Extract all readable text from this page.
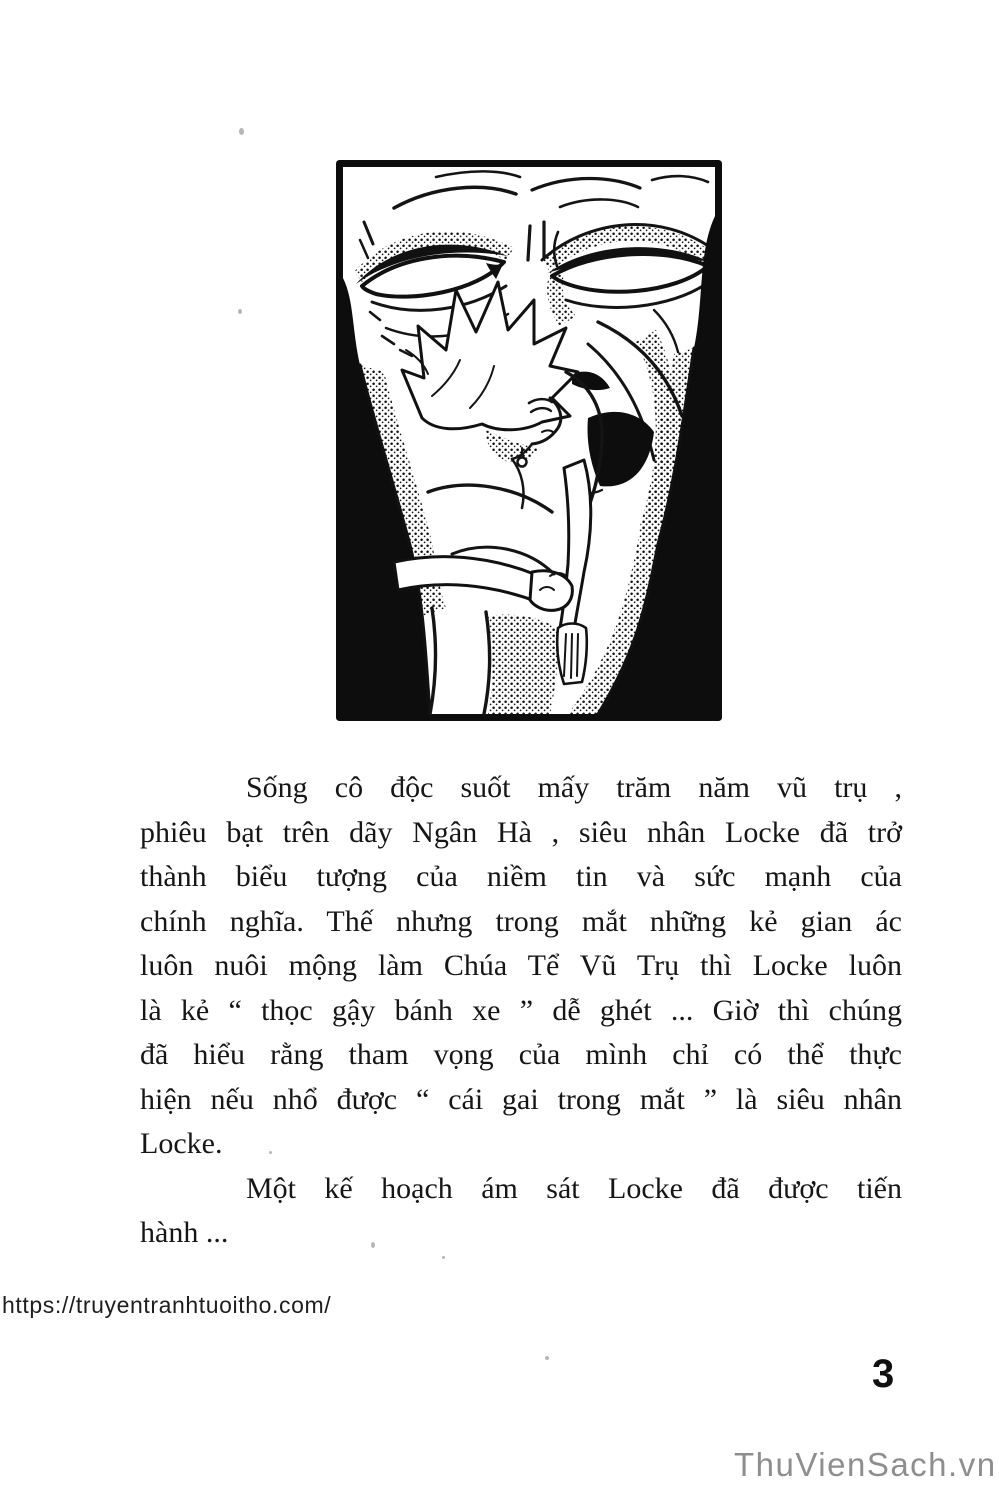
Sống cô độc suốt mấy trăm năm vũ trụ ,
phiêu bạt trên dãy Ngân Hà , siêu nhân Locke đã trở
thành biểu tượng của niềm tin và sức mạnh của
chính nghĩa. Thế nhưng trong mắt những kẻ gian ác
luôn nuôi mộng làm Chúa Tể Vũ Trụ thì Locke luôn
là kẻ “ thọc gậy bánh xe ” dễ ghét ... Giờ thì chúng
đã hiểu rằng tham vọng của mình chỉ có thể thực
hiện nếu nhổ được “ cái gai trong mắt ” là siêu nhân
Locke.
Một kế hoạch ám sát Locke đã được tiến
hành ...
https://truyentranhtuoitho.com/
3
ThuVienSach.vn
